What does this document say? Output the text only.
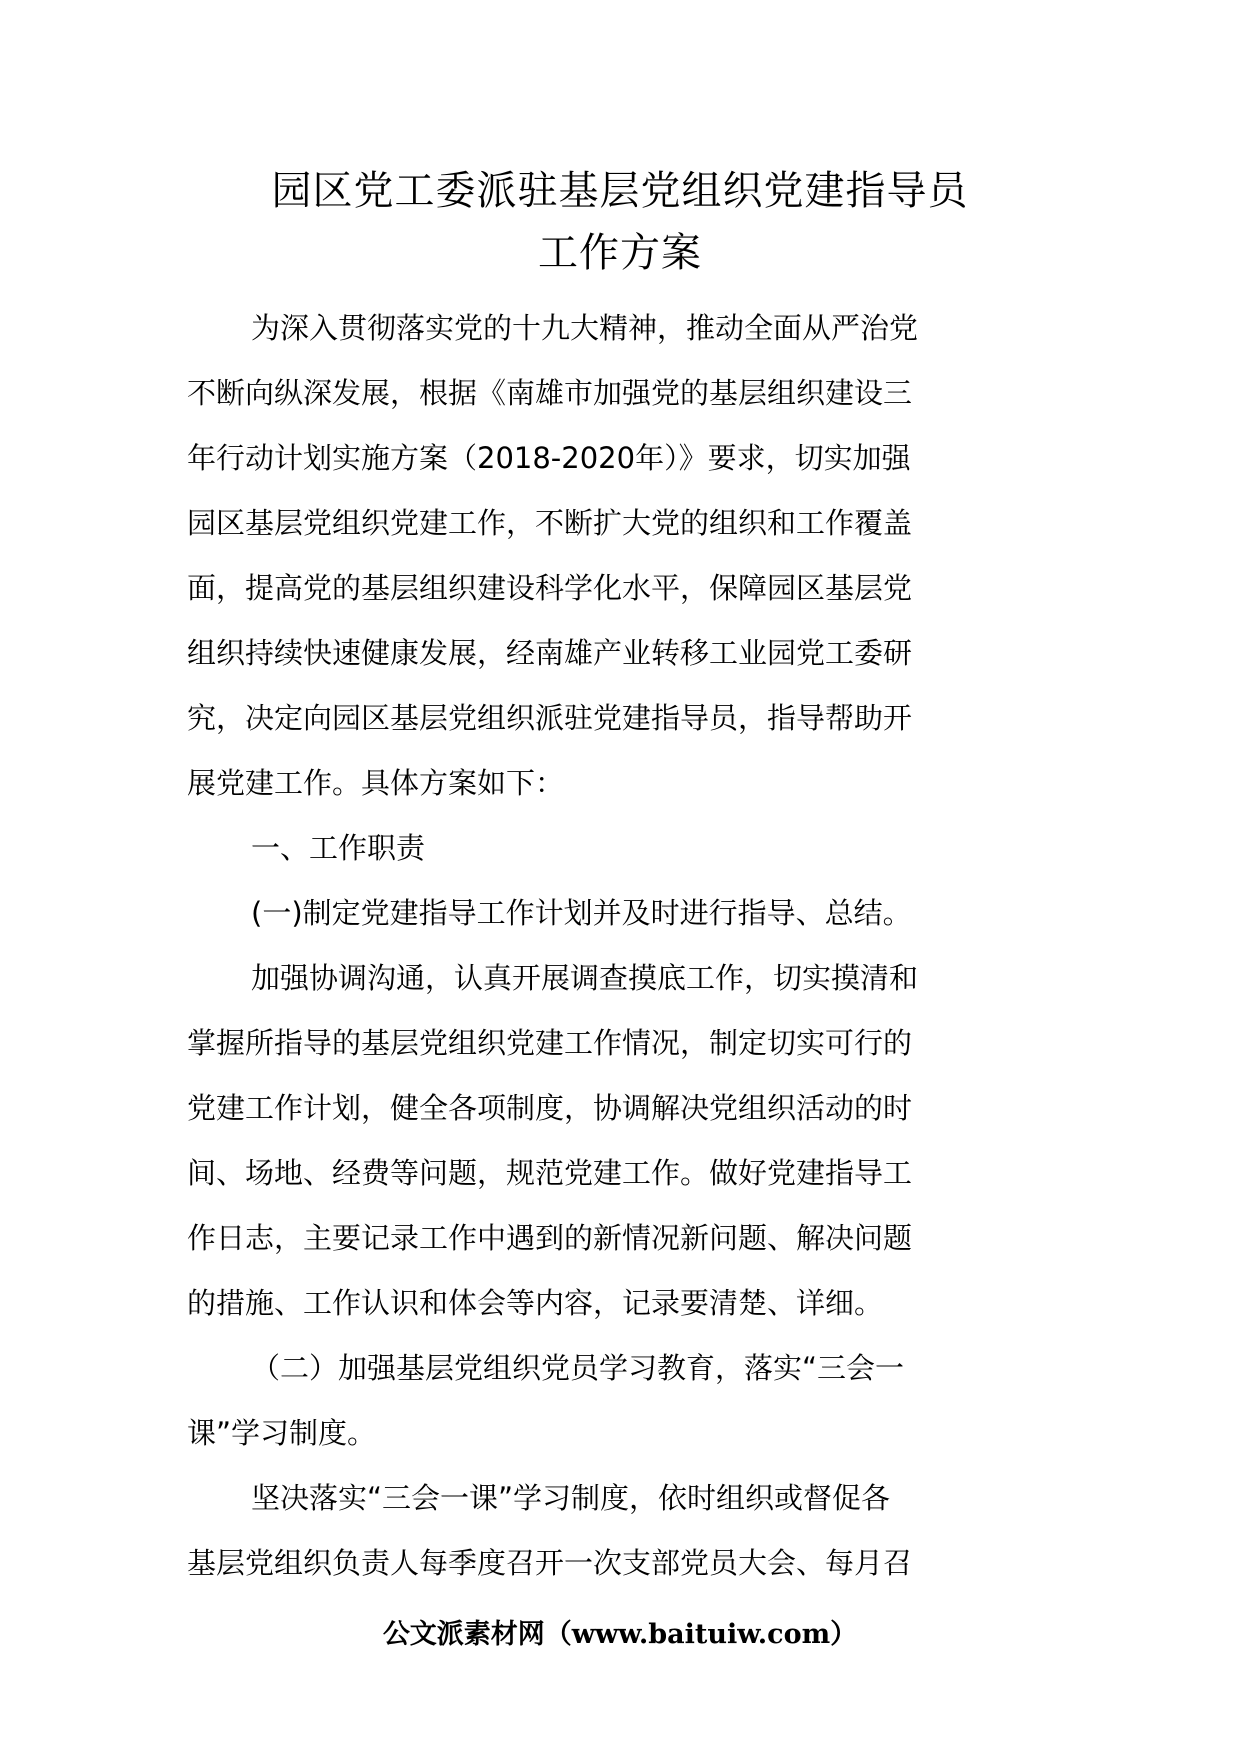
园区党工委派驻基层党组织党建指导员
工作方案
为深入贯彻落实党的十九大精神，推动全面从严治党
不断向纵深发展，根据《南雄市加强党的基层组织建设三
年行动计划实施方案（2018-2020年）》要求，切实加强
园区基层党组织党建工作，不断扩大党的组织和工作覆盖
面，提高党的基层组织建设科学化水平，保障园区基层党
组织持续快速健康发展，经南雄产业转移工业园党工委研
究，决定向园区基层党组织派驻党建指导员，指导帮助开
展党建工作。具体方案如下：
一、工作职责
(一)制定党建指导工作计划并及时进行指导、总结。
加强协调沟通，认真开展调查摸底工作，切实摸清和
掌握所指导的基层党组织党建工作情况，制定切实可行的
党建工作计划，健全各项制度，协调解决党组织活动的时
间、场地、经费等问题，规范党建工作。做好党建指导工
作日志，主要记录工作中遇到的新情况新问题、解决问题
的措施、工作认识和体会等内容，记录要清楚、详细。
（二）加强基层党组织党员学习教育，落实“三会一
课”学习制度。
坚决落实“三会一课”学习制度，依时组织或督促各
基层党组织负责人每季度召开一次支部党员大会、每月召
公文派素材网（www.baituiw.com）
